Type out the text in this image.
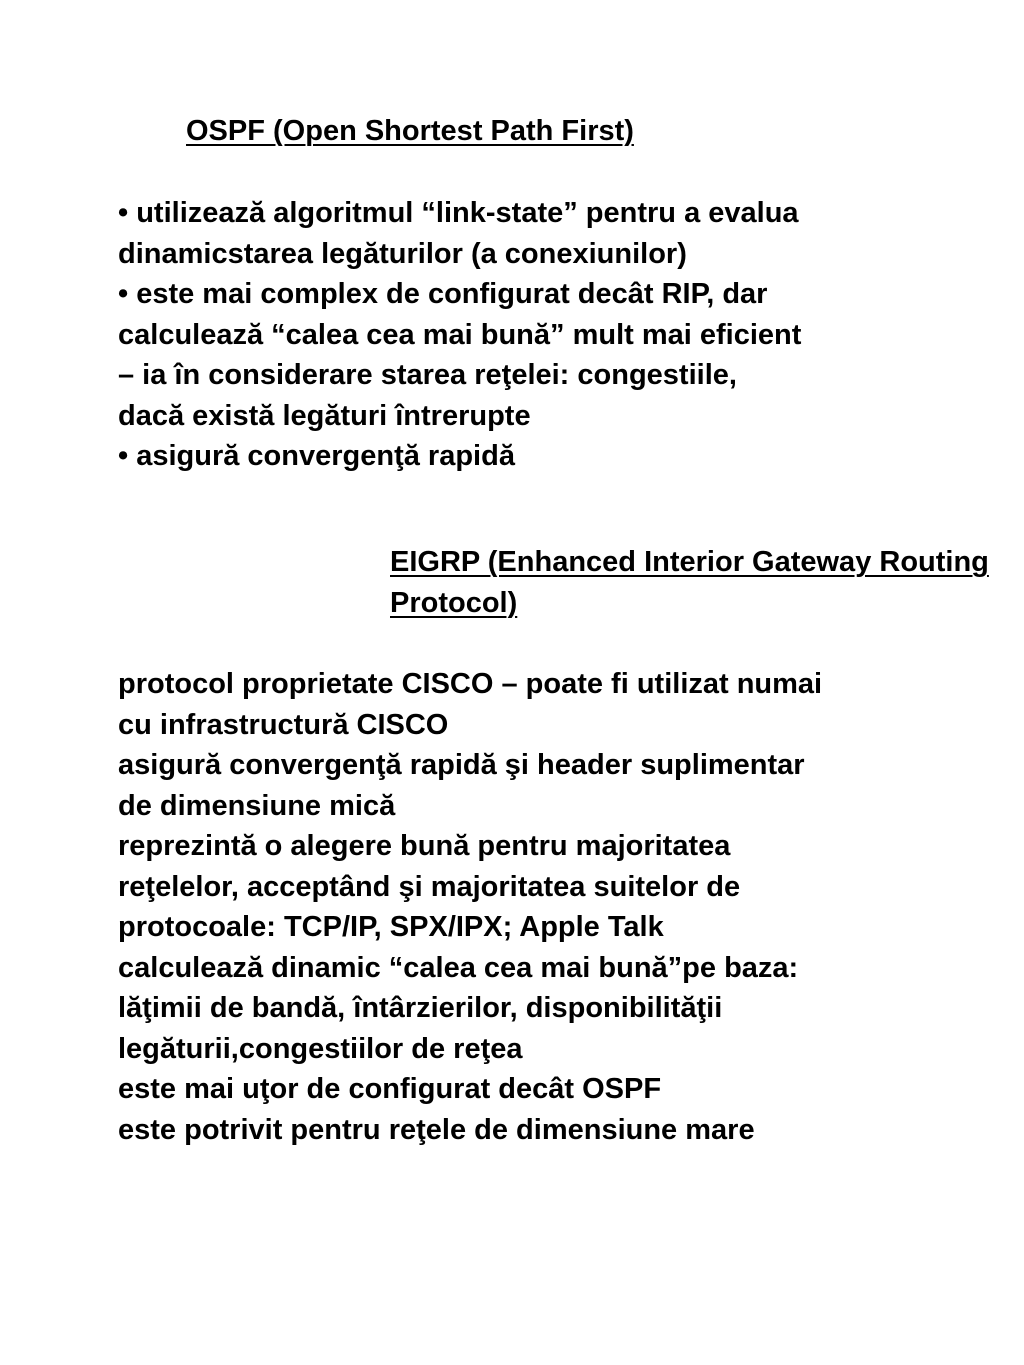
OSPF (Open Shortest Path First)
• utilizează algoritmul “link-state” pentru a evalua
dinamicstarea legăturilor (a conexiunilor)
• este mai complex de configurat decât RIP, dar
calculează “calea cea mai bună” mult mai eficient
– ia în considerare starea reţelei: congestiile,
dacă există legături întrerupte
• asigură convergenţă rapidă
EIGRP (Enhanced Interior Gateway Routing Protocol)
protocol proprietate CISCO – poate fi utilizat numai
cu infrastructură CISCO
asigură convergenţă rapidă şi header suplimentar
de dimensiune mică
reprezintă o alegere bună pentru majoritatea
reţelelor, acceptând şi majoritatea suitelor de
protocoale: TCP/IP, SPX/IPX; Apple Talk
calculează dinamic “calea cea mai bună”pe baza:
lăţimii de bandă, întârzierilor, disponibilităţii
legăturii,congestiilor de reţea
este mai uţor de configurat decât OSPF
este potrivit pentru reţele de dimensiune mare
